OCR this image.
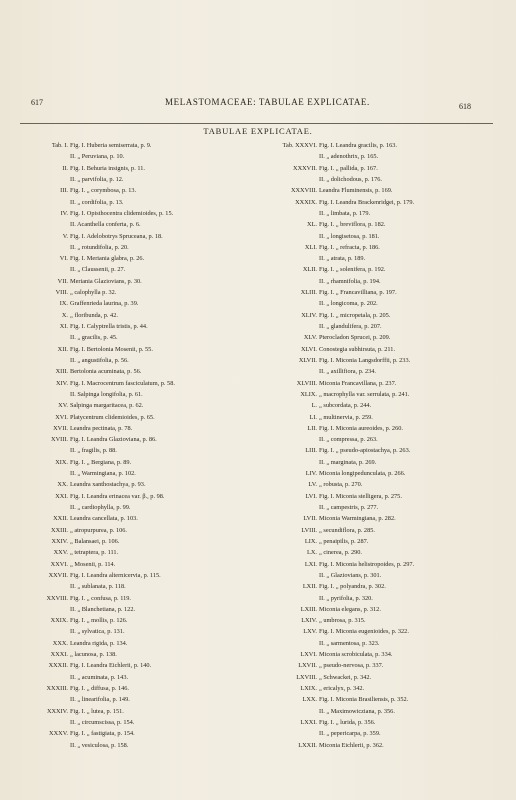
617	MELASTOMACEAE: TABULAE EXPLICATAE.	618
TABULAE EXPLICATAE.
Tab. I. Fig. I. Huberia semiserrata, p. 9.
II. „ Peruviana, p. 10.
II. Fig. I. Behuria insignis, p. 11.
II. „ parvifolia, p. 12.
III. Fig. I. „ corymbosa, p. 13.
II. „ cordifolia, p. 13.
IV. Fig. I. Opisthocentra clidemioides, p. 15.
II. Acanthella conferta, p. 6.
V. Fig. I. Adelobotrys Spruceana, p. 18.
II. „ rotundifolia, p. 20.
VI. Fig. I. Meriania glabra, p. 26.
II. „ Claussenii, p. 27.
VII. Meriania Glaziovians, p. 30.
VIII. „ calophylla p. 32.
IX. Graffenrieda laurina, p. 39.
X. „ floribunda, p. 42.
XI. Fig. I. Calyptrella tristis, p. 44.
II. „ gracilis, p. 45.
XII. Fig. I. Bertolonia Mosenii, p. 55.
II. „ angustifolia, p. 56.
XIII. Bertolonia acuminata, p. 56.
XIV. Fig. I. Macrocentrum fasciculatum, p. 58.
II. Salpinga longifolia, p. 61.
XV. Salpinga margaritacea, p. 62.
XVI. Platycentrum clidemioides, p. 65.
XVII. Leandra pectinata, p. 78.
XVIII. Fig. I. Leandra Glazioviana, p. 86.
II. „ fragilis, p. 88.
XIX. Fig. I. „ Bergiana, p. 89.
II. „ Warmingiana, p. 102.
XX. Leandra xanthostachya, p. 93.
XXI. Fig. I. Leandra erinacea var. β., p. 98.
II. „ cardiophylla, p. 99.
XXII. Leandra cancellata, p. 103.
XXIII. „ atropurpurea, p. 106.
XXIV. „ Balansaei, p. 106.
XXV. „ tetraptera, p. 111.
XXVI. „ Mosenii, p. 114.
XXVII. Fig. I. Leandra alternicervia, p. 115.
II. „ sublanata, p. 118.
XXVIII. Fig. I. „ confusa, p. 119.
II. „ Blanchetiana, p. 122.
XXIX. Fig. I. „ mollis, p. 126.
II. „ sylvatica, p. 131.
XXX. Leandra rigida, p. 134.
XXXI. „ lacunosa, p. 138.
XXXII. Fig. I. Leandra Eichlerii, p. 140.
II. „ acuminata, p. 143.
XXXIII. Fig. I. „ diffusa, p. 146.
II. „ linearifolia, p. 149.
XXXIV. Fig. I. „ lutea, p. 151.
II. „ circumscissa, p. 154.
XXXV. Fig. I. „ fastigiata, p. 154.
II. „ vesiculosa, p. 158.
Tab. XXXVI. Fig. I. Leandra gracilis, p. 163.
II. „ adenothrix, p. 165.
XXXVII. Fig. I. „ pallida, p. 167.
II. „ dolichodous, p. 176.
XXXVIII. Leandra Fluminensis, p. 169.
XXXIX. Fig. I. Leandra Brackenridgei, p. 179.
II. „ limbata, p. 179.
XL. Fig. I. „ breviflora, p. 182.
II. „ longisetosa, p. 181.
XLI. Fig. I. „ refracta, p. 186.
II. „ atrata, p. 189.
XLII. Fig. I. „ solenifera, p. 192.
II. „ rhamnifolia, p. 194.
XLIII. Fig. I. „ Francavilliana, p. 197.
II. „ longicoma, p. 202.
XLIV. Fig. I. „ micropetala, p. 205.
II. „ glandulifera, p. 207.
XLV. Pterocladon Sprucei, p. 209.
XLVI. Conostegia subhirsuta, p. 211.
XLVII. Fig. I. Miconia Langsdorffii, p. 233.
II. „ axillifiora, p. 234.
XLVIII. Miconia Francavillana, p. 237.
XLIX. „ macrophylla var. serrulata, p. 241.
L. „ subcordata, p. 244.
LI. „ multinervia, p. 259.
LII. Fig. I. Miconia aureoides, p. 260.
II. „ compressa, p. 263.
LIII. Fig. I. „ pseudo-apiostachya, p. 263.
II. „ marginata, p. 269.
LIV. Miconia longipedunculata, p. 266.
LV. „ robusta, p. 270.
LVI. Fig. I. Miconia stelligera, p. 275.
II. „ campestris, p. 277.
LVII. Miconia Warmingiana, p. 282.
LVIII. „ secundiflora, p. 285.
LIX. „ penaipilis, p. 287.
LX. „ cinerea, p. 290.
LXI. Fig. I. Miconia helistropoides, p. 297.
II. „ Glaziovians, p. 301.
LXII. Fig. I. „ polyandra, p. 302.
II. „ pyrifolia, p. 320.
LXIII. Miconia elegans, p. 312.
LXIV. „ umbrosa, p. 315.
LXV. Fig. I. Miconia eugenioides, p. 322.
II. „ sarmentosa, p. 323.
LXVI. Miconia scrobiculata, p. 334.
LXVII. „ pseudo-nervosa, p. 337.
LXVIII. „ Schwackei, p. 342.
LXIX. „ ericalyx, p. 342.
LXX. Fig. I. Miconia Brasiliensis, p. 352.
II. „ Maximowicziana, p. 356.
LXXI. Fig. I. „ lurida, p. 356.
II. „ pepericarpa, p. 359.
LXXII. Miconia Eichlerii, p. 362.
